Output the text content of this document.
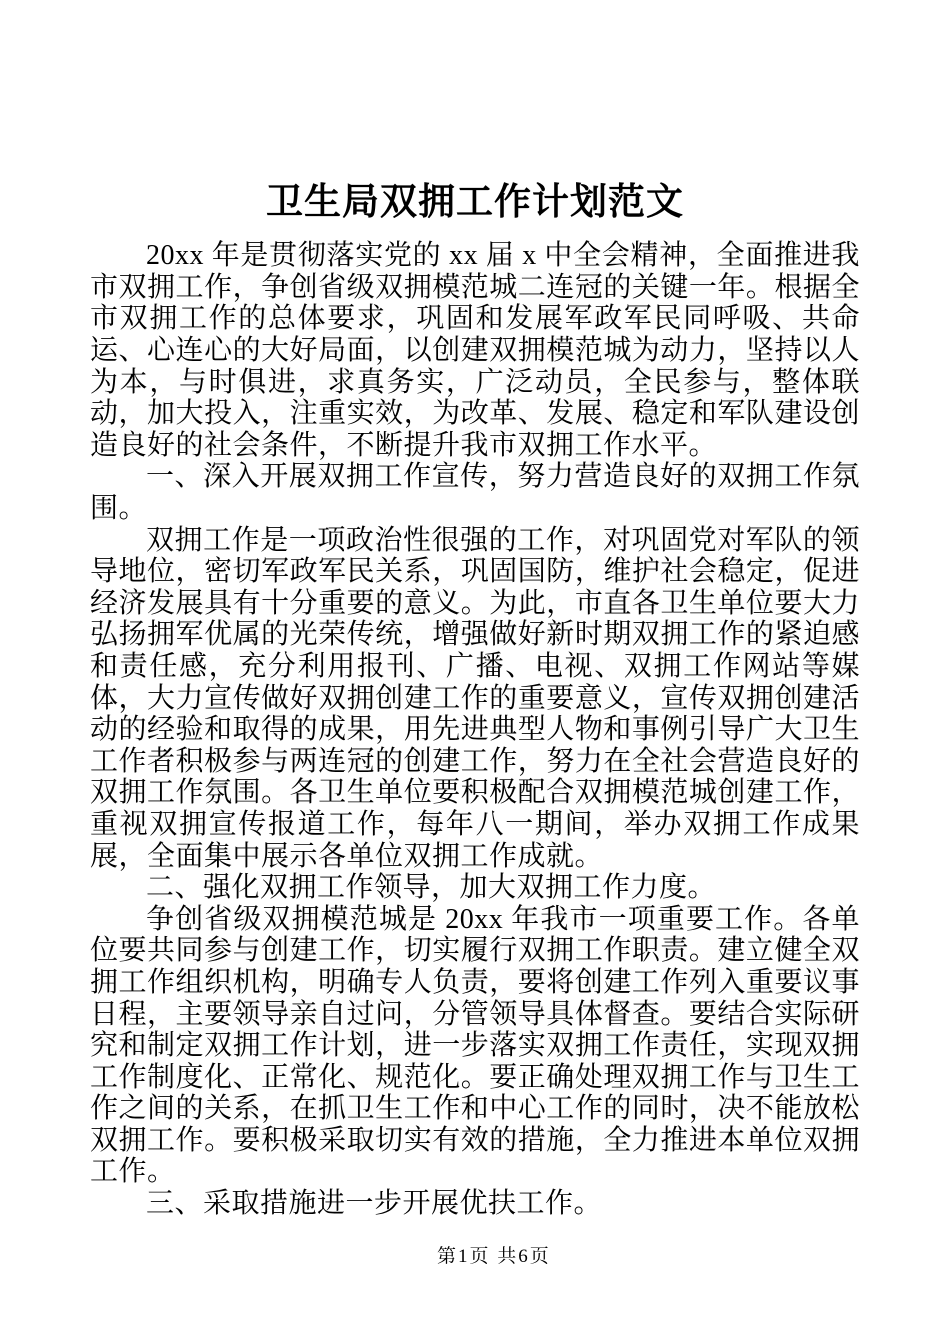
卫生局双拥工作计划范文

20xx 年是贯彻落实党的 xx 届 x 中全会精神，全面推进我市双拥工作，争创省级双拥模范城二连冠的关键一年。根据全市双拥工作的总体要求，巩固和发展军政军民同呼吸、共命运、心连心的大好局面，以创建双拥模范城为动力，坚持以人为本，与时俱进，求真务实，广泛动员，全民参与，整体联动，加大投入，注重实效，为改革、发展、稳定和军队建设创造良好的社会条件，不断提升我市双拥工作水平。

一、深入开展双拥工作宣传，努力营造良好的双拥工作氛围。

双拥工作是一项政治性很强的工作，对巩固党对军队的领导地位，密切军政军民关系，巩固国防，维护社会稳定，促进经济发展具有十分重要的意义。为此，市直各卫生单位要大力弘扬拥军优属的光荣传统，增强做好新时期双拥工作的紧迫感和责任感，充分利用报刊、广播、电视、双拥工作网站等媒体，大力宣传做好双拥创建工作的重要意义，宣传双拥创建活动的经验和取得的成果，用先进典型人物和事例引导广大卫生工作者积极参与两连冠的创建工作，努力在全社会营造良好的双拥工作氛围。各卫生单位要积极配合双拥模范城创建工作，重视双拥宣传报道工作，每年八一期间，举办双拥工作成果展，全面集中展示各单位双拥工作成就。

二、强化双拥工作领导，加大双拥工作力度。

争创省级双拥模范城是 20xx 年我市一项重要工作。各单位要共同参与创建工作，切实履行双拥工作职责。建立健全双拥工作组织机构，明确专人负责，要将创建工作列入重要议事日程，主要领导亲自过问，分管领导具体督查。要结合实际研究和制定双拥工作计划，进一步落实双拥工作责任，实现双拥工作制度化、正常化、规范化。要正确处理双拥工作与卫生工作之间的关系，在抓卫生工作和中心工作的同时，决不能放松双拥工作。要积极采取切实有效的措施，全力推进本单位双拥工作。

三、采取措施进一步开展优扶工作。

第1页 共6页
